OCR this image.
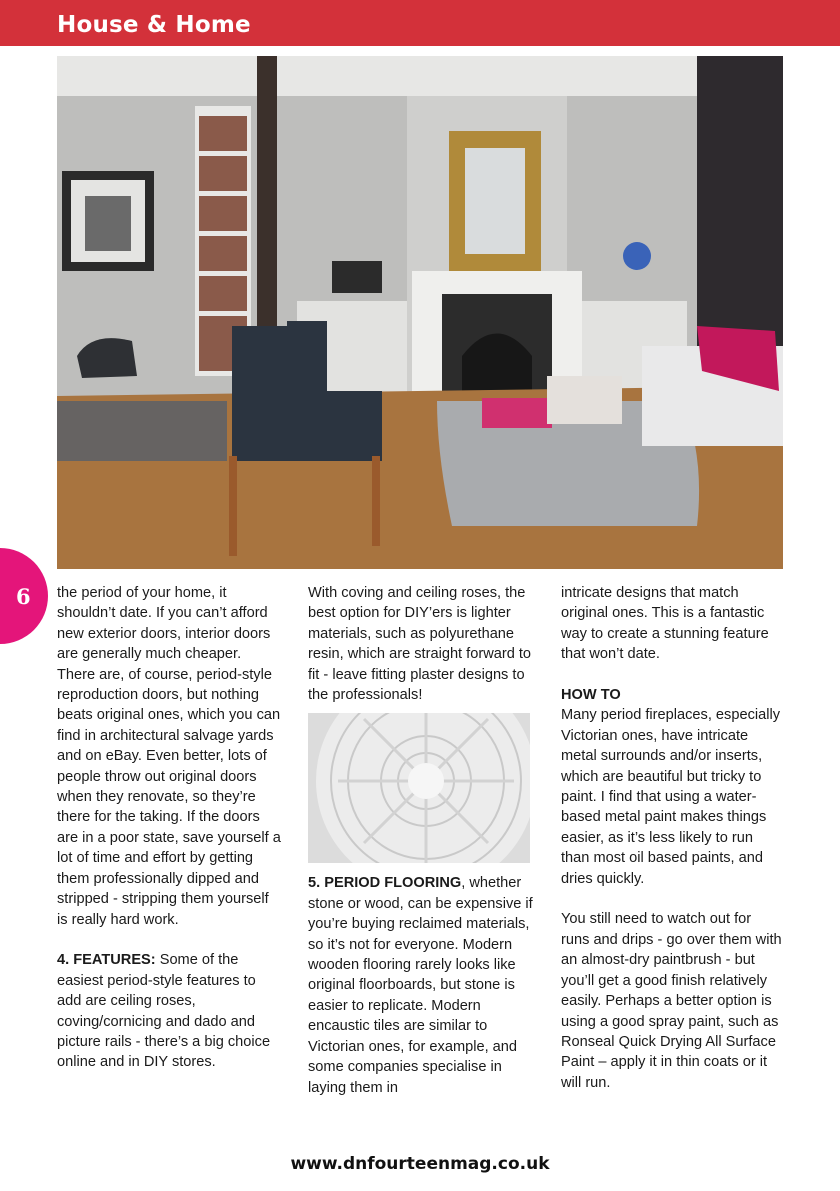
House & Home
6 the period of your home, it shouldn’t date. If you can’t afford new exterior doors, interior doors are generally much cheaper. There are, of course, period-style reproduction doors, but nothing beats original ones, which you can find in architectural salvage yards and on eBay. Even better, lots of people throw out original doors when they renovate, so they’re there for the taking. If the doors are in a poor state, save yourself a lot of time and effort by getting them professionally dipped and stripped - stripping them yourself is really hard work.

4. FEATURES: Some of the easiest period-style features to add are ceiling roses, coving/cornicing and dado and picture rails - there’s a big choice online and in DIY stores.

With coving and ceiling roses, the best option for DIY’ers is lighter materials, such as polyurethane resin, which are straight forward to fit - leave fitting plaster designs to the professionals!

5. PERIOD FLOORING, whether stone or wood, can be expensive if you’re buying reclaimed materials, so it’s not for everyone. Modern wooden flooring rarely looks like original floorboards, but stone is easier to replicate. Modern encaustic tiles are similar to Victorian ones, for example, and some companies specialise in laying them in

intricate designs that match original ones. This is a fantastic way to create a stunning feature that won’t date.

HOW TO
Many period fireplaces, especially Victorian ones, have intricate metal surrounds and/or inserts, which are beautiful but tricky to paint. I find that using a water-based metal paint makes things easier, as it’s less likely to run than most oil based paints, and dries quickly.

You still need to watch out for runs and drips - go over them with an almost-dry paintbrush - but you’ll get a good finish relatively easily. Perhaps a better option is using a good spray paint, such as Ronseal Quick Drying All Surface Paint – apply it in thin coats or it will run.

www.dnfourteenmag.co.uk
